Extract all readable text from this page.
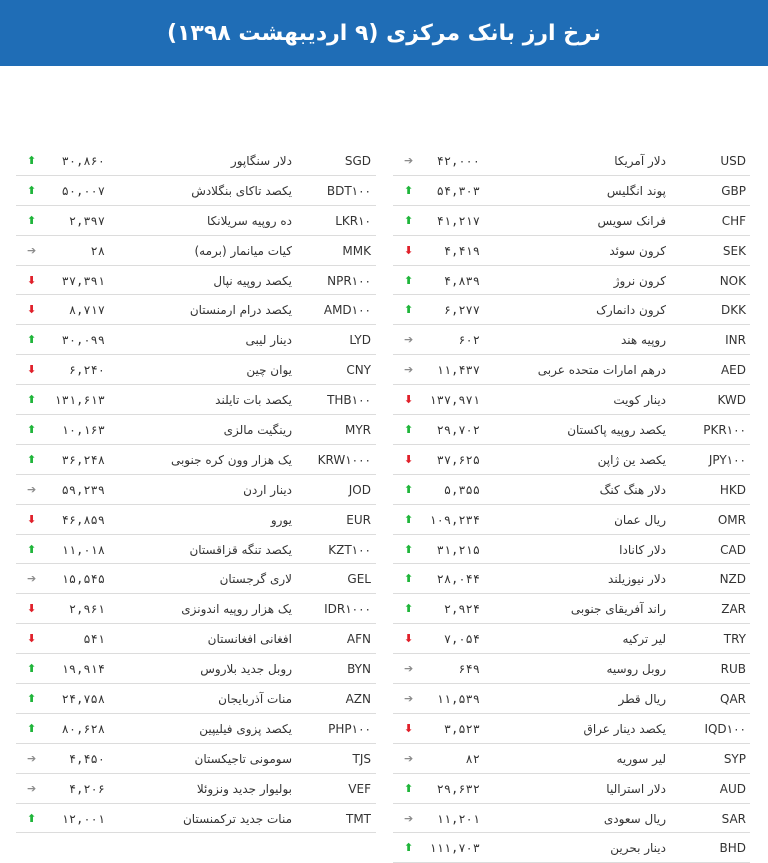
نرخ ارز بانک مرکزی (۹ اردیبهشت ۱۳۹۸)
USD
دلار آمریکا
۴۲,۰۰۰
➔
GBP
پوند انگلیس
۵۴,۳۰۳
⬆
CHF
فرانک سویس
۴۱,۲۱۷
⬆
SEK
کرون سوئد
۴,۴۱۹
⬇
NOK
کرون نروژ
۴,۸۳۹
⬆
DKK
کرون دانمارک
۶,۲۷۷
⬆
INR
روپیه هند
۶۰۲
➔
AED
درهم امارات متحده عربی
۱۱,۴۳۷
➔
KWD
دینار کویت
۱۳۷,۹۷۱
⬇
PKR۱۰۰
یکصد روپیه پاکستان
۲۹,۷۰۲
⬆
JPY۱۰۰
یکصد ین ژاپن
۳۷,۶۲۵
⬇
HKD
دلار هنگ کنگ
۵,۳۵۵
⬆
OMR
ریال عمان
۱۰۹,۲۳۴
⬆
CAD
دلار کانادا
۳۱,۲۱۵
⬆
NZD
دلار نیوزیلند
۲۸,۰۴۴
⬆
ZAR
راند آفریقای جنوبی
۲,۹۲۴
⬆
TRY
لیر ترکیه
۷,۰۵۴
⬇
RUB
روبل روسیه
۶۴۹
➔
QAR
ریال قطر
۱۱,۵۳۹
➔
IQD۱۰۰
یکصد دینار عراق
۳,۵۲۳
⬇
SYP
لیر سوریه
۸۲
➔
AUD
دلار استرالیا
۲۹,۶۳۲
⬆
SAR
ریال سعودی
۱۱,۲۰۱
➔
BHD
دینار بحرین
۱۱۱,۷۰۳
⬆
SGD
دلار سنگاپور
۳۰,۸۶۰
⬆
BDT۱۰۰
یکصد تاکای بنگلادش
۵۰,۰۰۷
⬆
LKR۱۰
ده روپیه سریلانکا
۲,۳۹۷
⬆
MMK
کیات میانمار (برمه)
۲۸
➔
NPR۱۰۰
یکصد روپیه نپال
۳۷,۳۹۱
⬇
AMD۱۰۰
یکصد درام ارمنستان
۸,۷۱۷
⬇
LYD
دینار لیبی
۳۰,۰۹۹
⬆
CNY
یوان چین
۶,۲۴۰
⬇
THB۱۰۰
یکصد بات تایلند
۱۳۱,۶۱۳
⬆
MYR
رینگیت مالزی
۱۰,۱۶۳
⬆
KRW۱۰۰۰
یک هزار وون کره جنوبی
۳۶,۲۴۸
⬆
JOD
دینار اردن
۵۹,۲۳۹
➔
EUR
یورو
۴۶,۸۵۹
⬇
KZT۱۰۰
یکصد تنگه قزاقستان
۱۱,۰۱۸
⬆
GEL
لاری گرجستان
۱۵,۵۴۵
➔
IDR۱۰۰۰
یک هزار روپیه اندونزی
۲,۹۶۱
⬇
AFN
افغانی افغانستان
۵۴۱
⬇
BYN
روبل جدید بلاروس
۱۹,۹۱۴
⬆
AZN
منات آذربایجان
۲۴,۷۵۸
⬆
PHP۱۰۰
یکصد پزوی فیلیپین
۸۰,۶۲۸
⬆
TJS
سومونی تاجیکستان
۴,۴۵۰
➔
VEF
بولیوار جدید ونزوئلا
۴,۲۰۶
➔
TMT
منات جدید ترکمنستان
۱۲,۰۰۱
⬆
